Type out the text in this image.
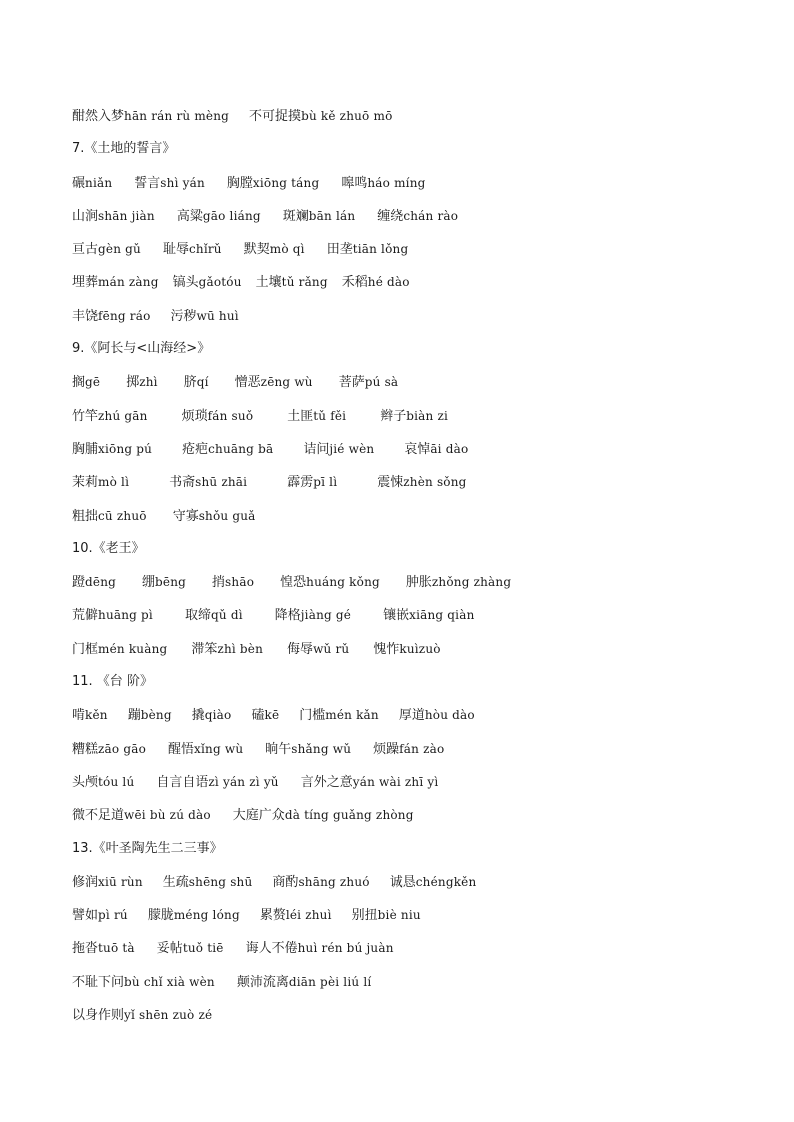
酣然入梦hān rán rù mèng 不可捉摸bù kě zhuō mō
7.《土地的誓言》
碾niǎn 誓言shì yán 胸膛xiōng táng 嗥鸣háo míng
山涧shān jiàn 高粱gāo liáng 斑斓bān lán 缠绕chán rào
亘古gèn gǔ 耻辱chǐrǔ 默契mò qì 田垄tiān lǒng
埋葬mán zàng 镐头gǎotóu 土壤tǔ rǎng 禾稻hé dào
丰饶fēng ráo 污秽wū huì
9.《阿长与<山海经>》
搁gē 掷zhì 脐qí 憎恶zēng wù 菩萨pú sà
竹竿zhú gān	烦琐fán suǒ	土匪tǔ fěi	辫子biàn zi
胸脯xiōng pú 疮疤chuāng bā 诘问jié wèn 哀悼āi dào
茉莉mò lì	书斋shū zhāi	霹雳pī lì	震悚zhèn sǒng
粗拙cū zhuō 守寡shǒu guǎ
10.《老王》
蹬dēng 绷bēng 捎shāo 惶恐huáng kǒng 肿胀zhǒng zhàng
荒僻huāng pì 取缔qǔ dì 降格jiàng gé 镶嵌xiāng qiàn
门框mén kuàng 滞笨zhì bèn 侮辱wǔ rǔ 愧怍kuìzuò
11. 《台 阶》
啃kěn 蹦bèng 撬qiào 磕kē 门槛mén kǎn 厚道hòu dào
糟糕zāo gāo 醒悟xǐng wù 晌午shǎng wǔ 烦躁fán zào
头颅tóu lú 自言自语zì yán zì yǔ 言外之意yán wài zhī yì
微不足道wēi bù zú dào 大庭广众dà tíng guǎng zhòng
13.《叶圣陶先生二三事》
修润xiū rùn 生疏shēng shū 商酌shāng zhuó 诚恳chéngkěn
譬如pì rú 朦胧méng lóng 累赘léi zhuì 别扭biè niu
拖沓tuō tà 妥帖tuǒ tiē 诲人不倦huì rén bú juàn
不耻下问bù chǐ xià wèn 颠沛流离diān pèi liú lí
以身作则yǐ shēn zuò zé
